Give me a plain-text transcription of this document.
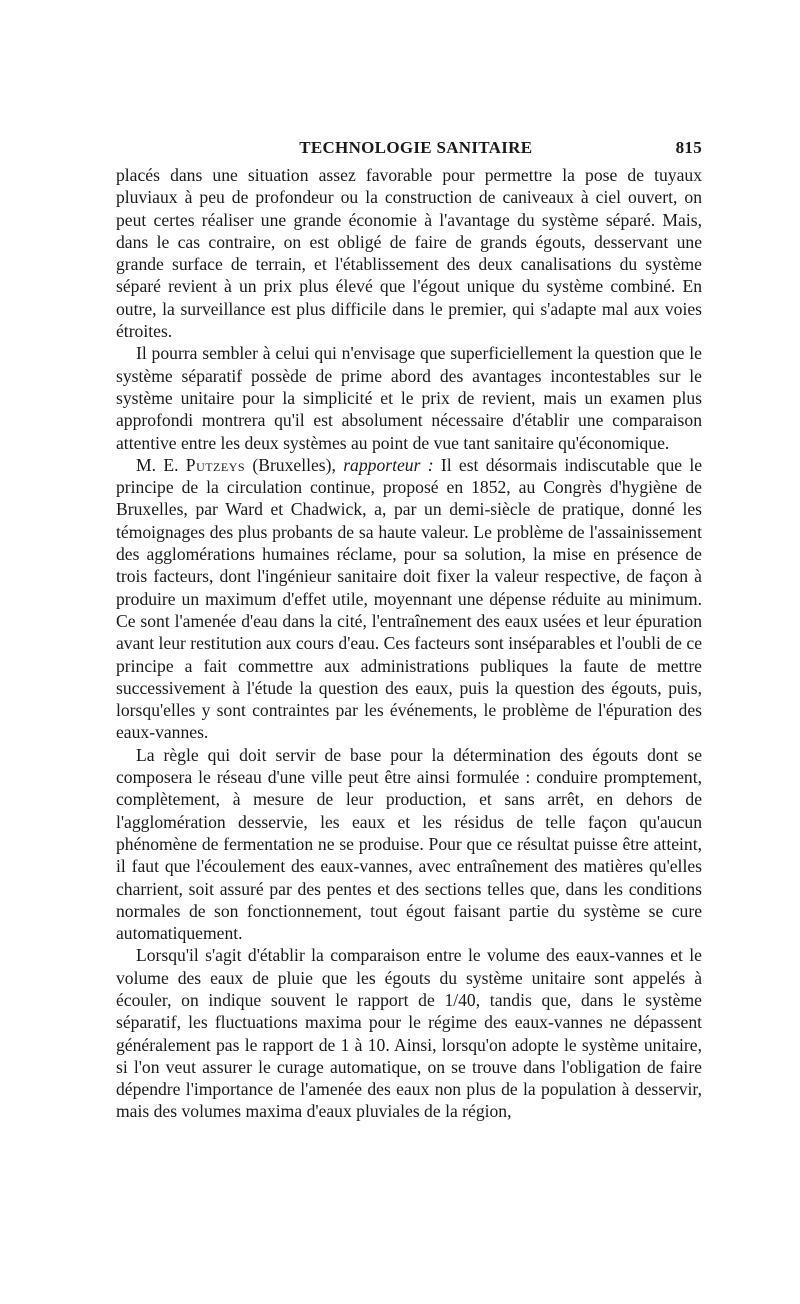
TECHNOLOGIE SANITAIRE	815

placés dans une situation assez favorable pour permettre la pose de tuyaux pluviaux à peu de profondeur ou la construction de caniveaux à ciel ouvert, on peut certes réaliser une grande économie à l'avantage du système séparé. Mais, dans le cas contraire, on est obligé de faire de grands égouts, desservant une grande surface de terrain, et l'établissement des deux canalisations du système séparé revient à un prix plus élevé que l'égout unique du système combiné. En outre, la surveillance est plus difficile dans le premier, qui s'adapte mal aux voies étroites.

Il pourra sembler à celui qui n'envisage que superficiellement la question que le système séparatif possède de prime abord des avantages incontestables sur le système unitaire pour la simplicité et le prix de revient, mais un examen plus approfondi montrera qu'il est absolument nécessaire d'établir une comparaison attentive entre les deux systèmes au point de vue tant sanitaire qu'économique.

M. E. Putzeys (Bruxelles), rapporteur : Il est désormais indiscutable que le principe de la circulation continue, proposé en 1852, au Congrès d'hygiène de Bruxelles, par Ward et Chadwick, a, par un demi-siècle de pratique, donné les témoignages des plus probants de sa haute valeur. Le problème de l'assainissement des agglomérations humaines réclame, pour sa solution, la mise en présence de trois facteurs, dont l'ingénieur sanitaire doit fixer la valeur respective, de façon à produire un maximum d'effet utile, moyennant une dépense réduite au minimum. Ce sont l'amenée d'eau dans la cité, l'entraînement des eaux usées et leur épuration avant leur restitution aux cours d'eau. Ces facteurs sont inséparables et l'oubli de ce principe a fait commettre aux administrations publiques la faute de mettre successivement à l'étude la question des eaux, puis la question des égouts, puis, lorsqu'elles y sont contraintes par les événements, le problème de l'épuration des eaux-vannes.

La règle qui doit servir de base pour la détermination des égouts dont se composera le réseau d'une ville peut être ainsi formulée : conduire promptement, complètement, à mesure de leur production, et sans arrêt, en dehors de l'agglomération desservie, les eaux et les résidus de telle façon qu'aucun phénomène de fermentation ne se produise. Pour que ce résultat puisse être atteint, il faut que l'écoulement des eaux-vannes, avec entraînement des matières qu'elles charrient, soit assuré par des pentes et des sections telles que, dans les conditions normales de son fonctionnement, tout égout faisant partie du système se cure automatiquement.

Lorsqu'il s'agit d'établir la comparaison entre le volume des eaux-vannes et le volume des eaux de pluie que les égouts du système unitaire sont appelés à écouler, on indique souvent le rapport de 1/40, tandis que, dans le système séparatif, les fluctuations maxima pour le régime des eaux-vannes ne dépassent généralement pas le rapport de 1 à 10. Ainsi, lorsqu'on adopte le système unitaire, si l'on veut assurer le curage automatique, on se trouve dans l'obligation de faire dépendre l'importance de l'amenée des eaux non plus de la population à desservir, mais des volumes maxima d'eaux pluviales de la région,
